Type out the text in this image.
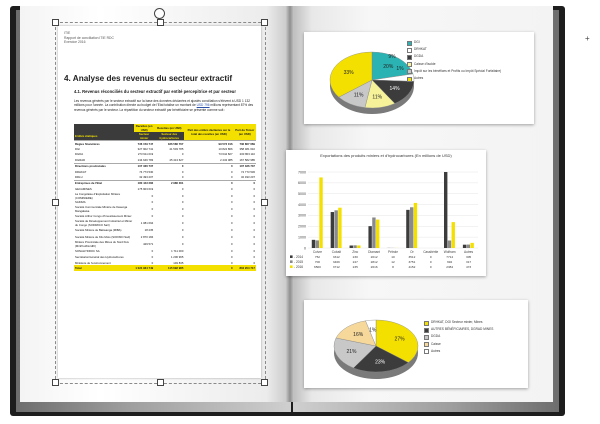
ITIE
Rapport de conciliation ITIE RDC
Exercice 2016
4. Analyse des revenus du secteur extractif
4.1. Revenus réconciliés du secteur extractif par entité percepitrice et par secteur
Les revenus générés par le secteur extractif sur la base des données déclarées et ajustés conciliation s'élèvent à USD 1 132 millions pour l'année. La contribution directe au budget de l'Etat totalise un montant de USD 796 millions représentant 87% des revenus générés par le secteur. La répartition du secteur extractif par bénéficiaire se présente comme suit :
	Recettes (en USD)	Recettes (en USD)	Part des entités déclarées sur le total des recettes (en USD)	Part du Trésor (en USD)
Entités étatiques	Secteur minier	Secteur des hydrocarbures		
Régies financières	736 159 747	186 586 767	99 573 016	736 867 669
DGI	327 902 741	41 503 785	10 824 866	358 481 610
DGDA	273 911 019	0	73 644 827	200 803 110
DGRAD	134 646 783	45 413 627	2 443 085	167 582 985
Directions provinciales	107 336 737	0	0	107 336 737
DRHKAT	74 773 530	0	0	74 773 530
DRLU	32 493 207	0	0	32 493 207
Entreprises de l'Etat	180 443 282	2 986 361	0	0
GECAMINES	175 903 619	0	0	0
La Congolaise d'Exploitation Minière (COMINIERE)	0	0	0	0
SAKIMA	0	0	0	0
Société Commerciale Minière de Kasenga Mangalaisa	0	0	0	0
Société Arthur Congo d'Investissement Minier	0	0	0	0
Société de Développement Industriel et Minier du Congo (SODIMICO Sarl)	1 081 694	0	0	0
Société Minière de Bakwanga (MIBA)	18 235	0	0	0
Société Minière de Kilo Moto (SOKIMO Sarl)	2 870 184	0	0	0
Minière Provinciale des Mines du Nord Kivu (MinProdNordKI)	429 571	0	0	0
SONAHYDROC SA	0	1 711 000	0	0
Secrétariat Général des Hydrocarbures	0	1 206 965	0	0
Ministère de l'environnement	0	149 835	0	0
Total	1 024 934 749	115 692 985	0	804 204 717
20%
14%
11%
11%
33%
9%
1%
DGI
DRHKAT
DGDA
Caisse d'Isolde
Impôt sur les bénéfices et Profits ou Impôt Spécial Forfaitaire)
Autres
Exportations des produits miniers et d'hydrocarbures (En millions de USD)
0
1000
2000
3000
4000
5000
6000
7000
Cuivre	Cobalt	Zinc	Diamant Pétrole	Or	Cassitérite Wolfram	Autres
- 2014	752	3312	230	2012	10	3512	0	7714	305
- 2015	700	3469	247	2812	12	3751	0	692	317
- 2016	6500	3712	235	2616	8	4152	0	2384	473
27%
23%
21%
16%
1%
DRHKAT, DGI Secteur minier, Mines
AUTRES BÉNÉFICIAIRES, DGRAD MINES
DGDA
Caisse
Autres
+
